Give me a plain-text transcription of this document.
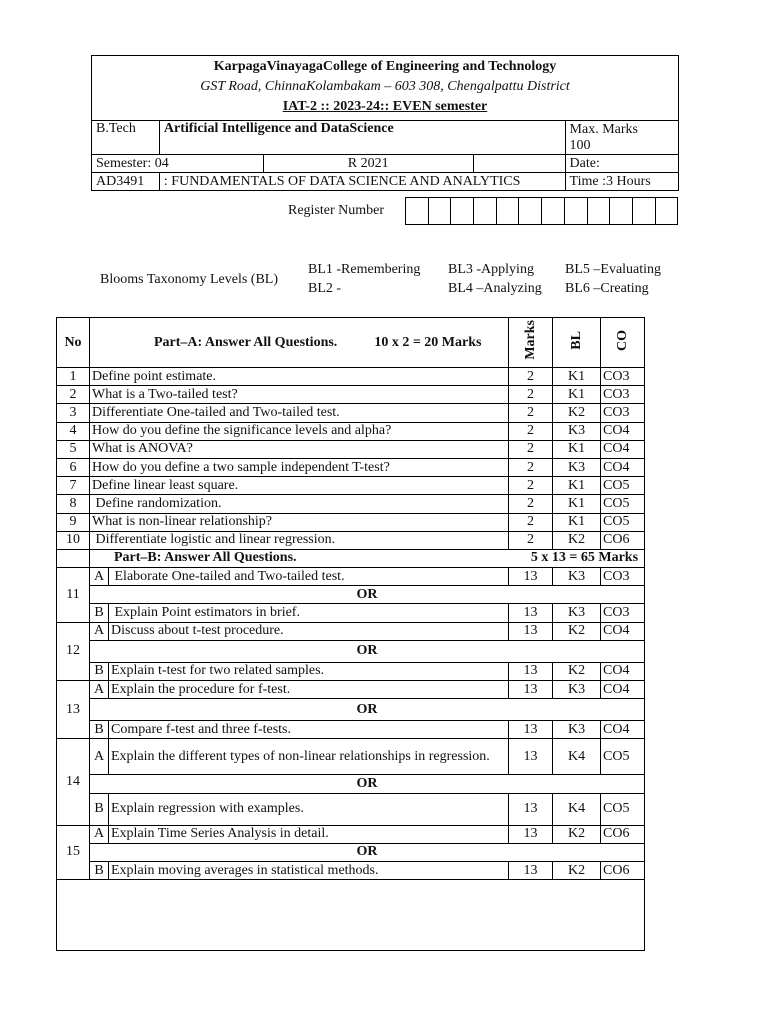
KarpagaVinayagaCollege of Engineering and Technology
GST Road, ChinnaKolambakam – 603 308, Chengalpattu District
IAT-2 :: 2023-24:: EVEN semester				

B.Tech	Artificial Intelligence and DataScience			Max. Marks
100

Semester: 04		R 2021		Date:
AD3491	: FUNDAMENTALS OF DATA SCIENCE AND ANALYTICS			Time :3 Hours
Register Number
Blooms Taxonomy Levels (BL)
BL1 -Remembering
BL2 -
BL3 -Applying
BL4 –Analyzing
BL5 –Evaluating
BL6 –Creating
No	Part–A: Answer All Questions. 10 x 2 = 20 Marks		Marks	BL	CO
1	Define point estimate.		2	K1	CO3
2	What is a Two-tailed test?		2	K1	CO3
3	Differentiate One-tailed and Two-tailed test.		2	K2	CO3
4	How do you define the significance levels and alpha?		2	K3	CO4
5	What is ANOVA?		2	K1	CO4
6	How do you define a two sample independent T-test?		2	K3	CO4
7	Define linear least square.		2	K1	CO5
8	Define randomization.		2	K1	CO5
9	What is non-linear relationship?		2	K1	CO5
10	Differentiate logistic and linear regression.		2	K2	CO6
	Part–B: Answer All Questions.		5 x 13 = 65 Marks		
11	A	Elaborate One-tailed and Two-tailed test.	13	K3	CO3
	OR				
	B	Explain Point estimators in brief.	13	K3	CO3
12	A	Discuss about t-test procedure.	13	K2	CO4
	OR				
	B	Explain t-test for two related samples.	13	K2	CO4
13	A	Explain the procedure for f-test.	13	K3	CO4
	OR				
	B	Compare f-test and three f-tests.	13	K3	CO4
14	A	Explain the different types of non-linear relationships in regression.	13	K4	CO5
	OR				
	B	Explain regression with examples.	13	K4	CO5
15	A	Explain Time Series Analysis in detail.	13	K2	CO6
	OR				
	B	Explain moving averages in statistical methods.	13	K2	CO6
